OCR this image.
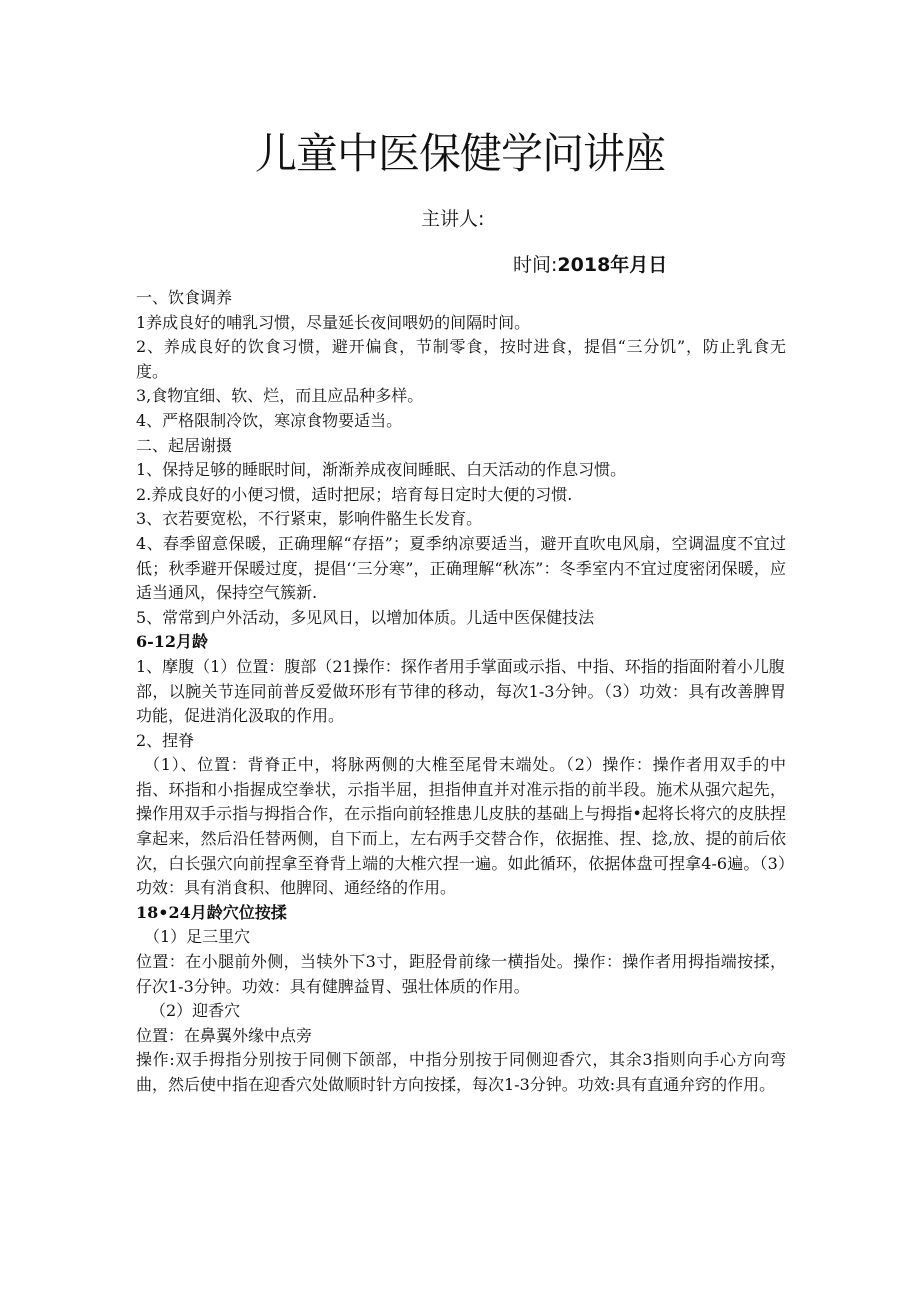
儿童中医保健学问讲座
主讲人:
时间:2018年月日

一、饮食调养

1养成良好的哺乳习惯，尽量延长夜间喂奶的间隔时间。

2、养成良好的饮食习惯，避开偏食，节制零食，按时进食，提倡“三分饥”，防止乳食无度。

3,食物宜细、软、烂，而且应品种多样。

4、严格限制冷饮，寒凉食物要适当。

二、起居谢摄

1、保持足够的睡眠时间，渐渐养成夜间睡眠、白天活动的作息习惯。

2.养成良好的小便习惯，适时把尿；培育每日定时大便的习惯.

3、衣若要宽松，不行紧束，影响件骼生长发育。

4、春季留意保暖，正确理解“存捂”；夏季纳凉要适当，避开直吹电风扇，空调温度不宜过低；秋季避开保暖过度，提倡‘‘三分寒”，正确理解“秋冻”：冬季室内不宜过度密闭保暖，应适当通风，保持空气簇新.

5、常常到户外活动，多见风日，以增加体质。儿适中医保健技法

6-12月龄

1、摩腹（1）位置：腹部（21操作：探作者用手掌面或示指、中指、环指的指面附着小儿腹

部，以腕关节连同前普反爱做环形有节律的移动，每次1-3分钟。（3）功效：具有改善脾胃功能，促进消化汲取的作用。

2、捏脊

（1）、位置：背脊正中，将脉两侧的大椎至尾骨末端处。（2）操作：操作者用双手的中指、环指和小指握成空拳状，示指半屈，担指伸直并对准示指的前半段。施术从强穴起先，操作用双手示指与拇指合作，在示指向前轻推患儿皮肤的基础上与拇指•起将长将穴的皮肤捏拿起来，然后沿任替两侧，自下而上，左右两手交替合作，依据推、捏、捻,放、提的前后依次，白长强穴向前捏拿至脊背上端的大椎穴捏一遍。如此循环，依据体盘可捏拿4-6遍。（3）功效：具有消食积、他脾冏、通经络的作用。

18•24月龄穴位按揉

（1）足三里穴

位置：在小腿前外侧，当犊外下3寸，距胫骨前缘一横指处。操作：操作者用拇指端按揉，仔次1-3分钟。功效：具有健脾益胃、强壮体质的作用。

（2）迎香穴

位置：在鼻翼外缘中点旁

操作:双手拇指分别按于同侧下颌部，中指分别按于同侧迎香穴，其余3指则向手心方向弯曲，然后使中指在迎香穴处做顺时针方向按揉，每次1-3分钟。功效:具有直通弁窍的作用。
